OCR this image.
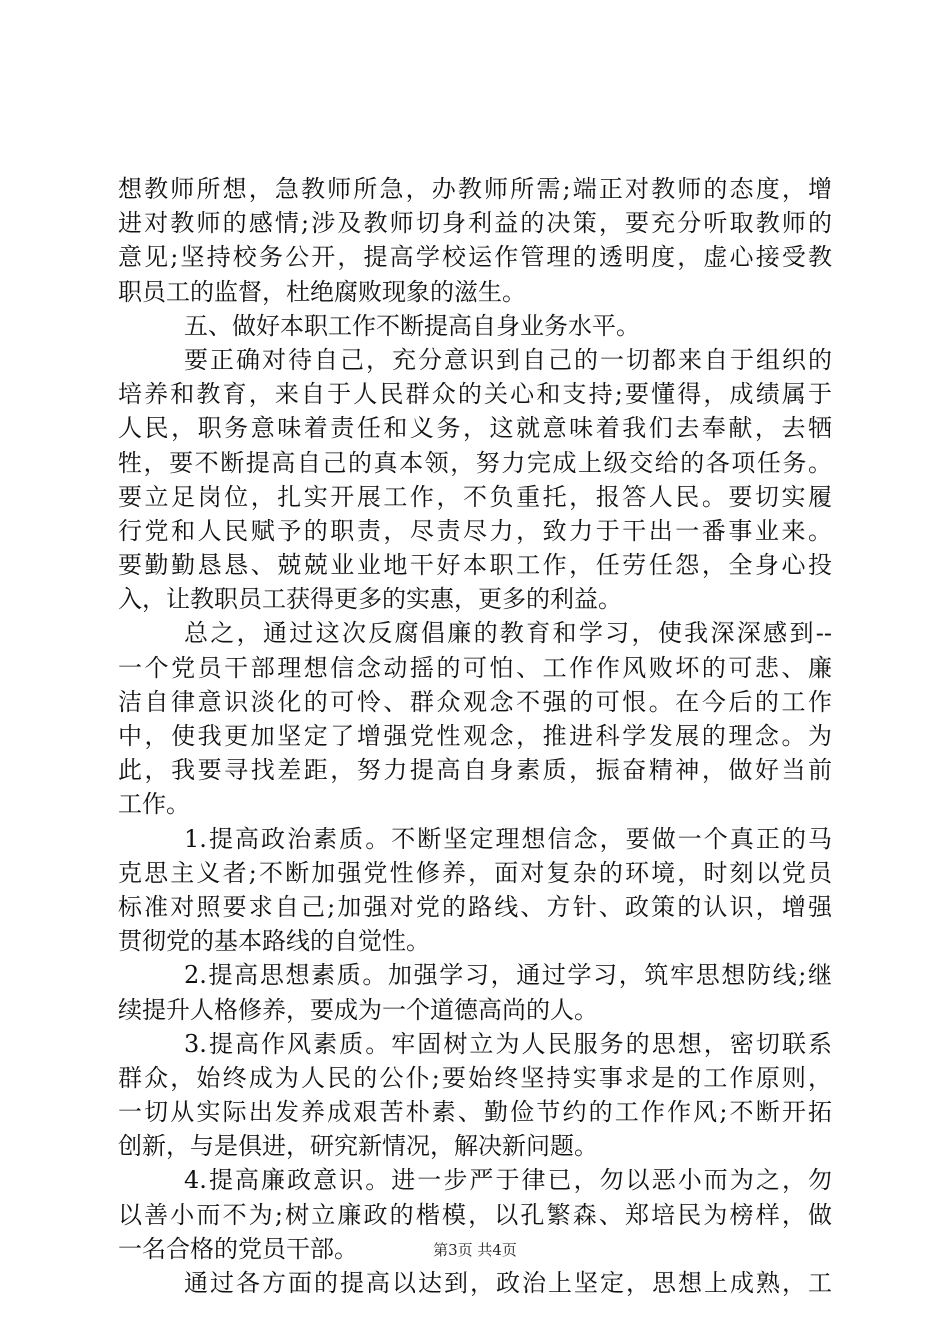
想教师所想，急教师所急，办教师所需;端正对教师的态度，增
进对教师的感情;涉及教师切身利益的决策，要充分听取教师的
意见;坚持校务公开，提高学校运作管理的透明度，虚心接受教
职员工的监督，杜绝腐败现象的滋生。
五、做好本职工作不断提高自身业务水平。
要正确对待自己，充分意识到自己的一切都来自于组织的
培养和教育，来自于人民群众的关心和支持;要懂得，成绩属于
人民，职务意味着责任和义务，这就意味着我们去奉献，去牺
牲，要不断提高自己的真本领，努力完成上级交给的各项任务。
要立足岗位，扎实开展工作，不负重托，报答人民。要切实履
行党和人民赋予的职责，尽责尽力，致力于干出一番事业来。
要勤勤恳恳、兢兢业业地干好本职工作，任劳任怨，全身心投
入，让教职员工获得更多的实惠，更多的利益。
总之，通过这次反腐倡廉的教育和学习，使我深深感到--
一个党员干部理想信念动摇的可怕、工作作风败坏的可悲、廉
洁自律意识淡化的可怜、群众观念不强的可恨。在今后的工作
中，使我更加坚定了增强党性观念，推进科学发展的理念。为
此，我要寻找差距，努力提高自身素质，振奋精神，做好当前
工作。
1.提高政治素质。不断坚定理想信念，要做一个真正的马
克思主义者;不断加强党性修养，面对复杂的环境，时刻以党员
标准对照要求自己;加强对党的路线、方针、政策的认识，增强
贯彻党的基本路线的自觉性。
2.提高思想素质。加强学习，通过学习，筑牢思想防线;继
续提升人格修养，要成为一个道德高尚的人。
3.提高作风素质。牢固树立为人民服务的思想，密切联系
群众，始终成为人民的公仆;要始终坚持实事求是的工作原则，
一切从实际出发养成艰苦朴素、勤俭节约的工作作风;不断开拓
创新，与是俱进，研究新情况，解决新问题。
4.提高廉政意识。进一步严于律已，勿以恶小而为之，勿
以善小而不为;树立廉政的楷模，以孔繁森、郑培民为榜样，做
一名合格的党员干部。
通过各方面的提高以达到，政治上坚定，思想上成熟，工
第3页 共4页
